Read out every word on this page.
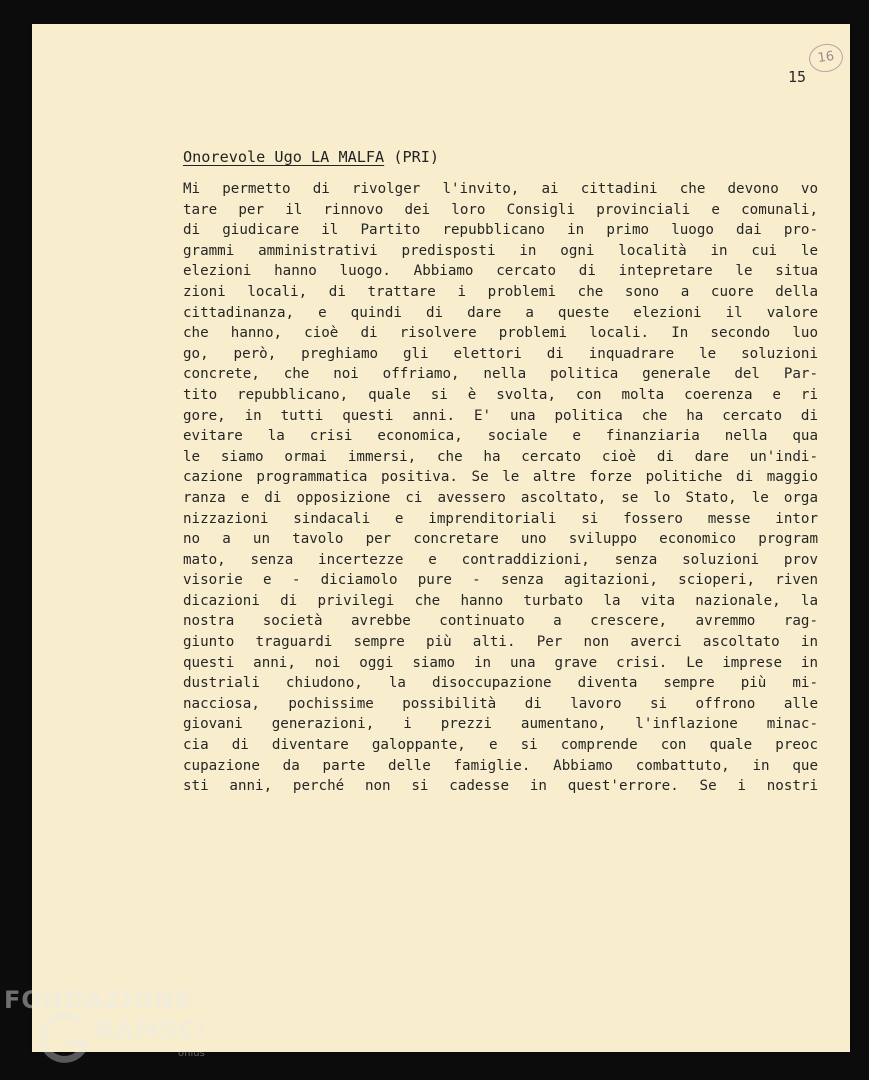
16
15
Onorevole Ugo LA MALFA (PRI)
Mi permetto di rivolger l'invito, ai cittadini che devono vo
tare per il rinnovo dei loro Consigli provinciali e comunali,
di giudicare il Partito repubblicano in primo luogo dai pro-
grammi amministrativi predisposti in ogni località in cui le
elezioni hanno luogo. Abbiamo cercato di intepretare le situa
zioni locali, di trattare i problemi che sono a cuore della
cittadinanza, e quindi di dare a queste elezioni il valore
che hanno, cioè di risolvere problemi locali. In secondo luo
go, però, preghiamo gli elettori di inquadrare le soluzioni
concrete, che noi offriamo, nella politica generale del Par-
tito repubblicano, quale si è svolta, con molta coerenza e ri
gore, in tutti questi anni. E' una politica che ha cercato di
evitare la crisi economica, sociale e finanziaria nella qua
le siamo ormai immersi, che ha cercato cioè di dare un'indi-
cazione programmatica positiva. Se le altre forze politiche di maggio
ranza e di opposizione ci avessero ascoltato, se lo Stato, le orga
nizzazioni sindacali e imprenditoriali si fossero messe intor
no a un tavolo per concretare uno sviluppo economico program
mato, senza incertezze e contraddizioni, senza soluzioni prov
visorie e - diciamolo pure - senza agitazioni, scioperi, riven
dicazioni di privilegi che hanno turbato la vita nazionale, la
nostra società avrebbe continuato a crescere, avremmo rag-
giunto traguardi sempre più alti. Per non averci ascoltato in
questi anni, noi oggi siamo in una grave crisi. Le imprese in
dustriali chiudono, la disoccupazione diventa sempre più mi-
nacciosa, pochissime possibilità di lavoro si offrono alle
giovani generazioni, i prezzi aumentano, l'inflazione minac-
cia di diventare galoppante, e si comprende con quale preoc
cupazione da parte delle famiglie. Abbiamo combattuto, in que
sti anni, perché non si cadesse in quest'errore. Se i nostri
FONDAZIONE
RAMSCI
onlus
